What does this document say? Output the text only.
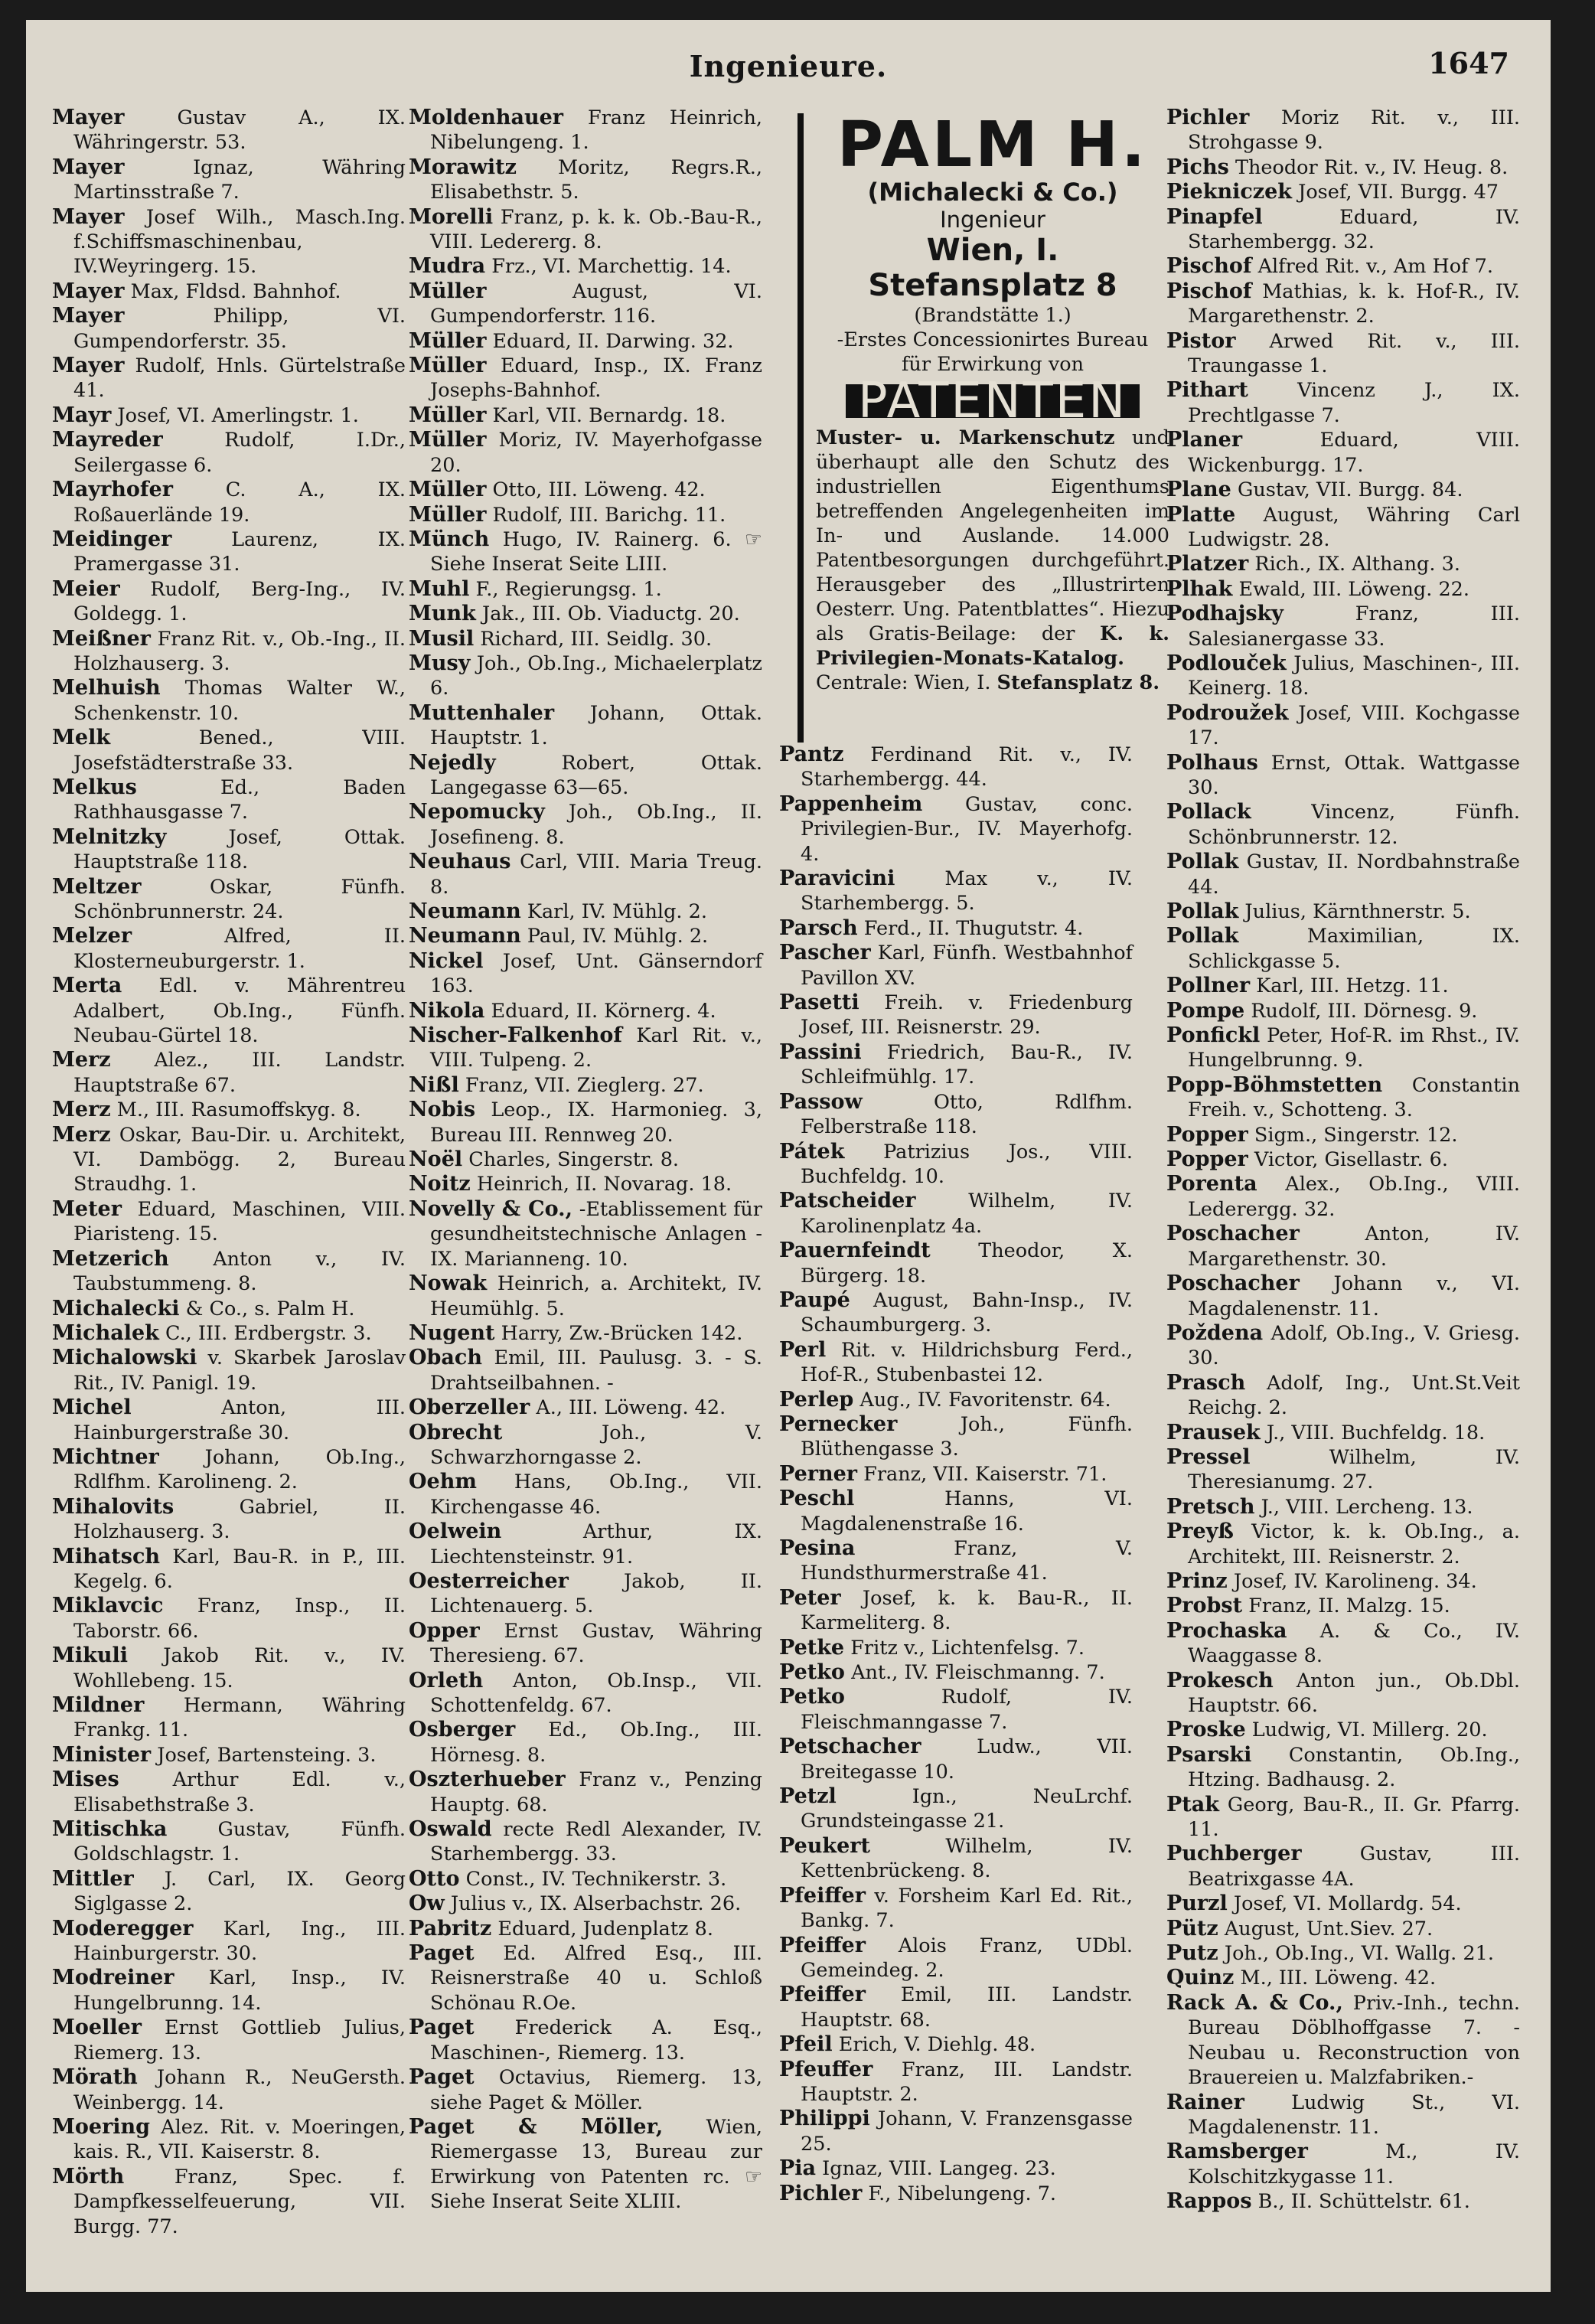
Ingenieure.	1647
Mayer	Gustav A., IX. Währingerstr. 53.
Mayer	Ignaz, Währing Martinsstraße 7.
Mayer Josef Wilh., Masch.Ing. f.Schiffsmaschinenbau, IV.Weyringerg. 15.
Mayer Max, Fldsd. Bahnhof.
Mayer	Philipp, VI. Gumpendorferstr. 35.
Mayer Rudolf, Hnls. Gürtelstraße 41.
Mayr Josef, VI. Amerlingstr. 1.
Mayreder	Rudolf, I.Dr., Seilergasse 6.
Mayrhofer	C. A., IX. Roßauerlände 19.
Meidinger	Laurenz, IX. Pramergasse 31.
Meier Rudolf, Berg-Ing., IV. Goldegg. 1.
Meißner Franz Rit. v., Ob.-Ing., II. Holzhauserg. 3.
Melhuish Thomas Walter W., Schenkenstr. 10.
Melk	Bened., VIII. Josefstädterstraße 33.
Melkus	Ed., Baden Rathhausgasse 7.
Melnitzky	Josef, Ottak. Hauptstraße 118.
Meltzer	Oskar, Fünfh. Schönbrunnerstr. 24.
Melzer	Alfred, II. Klosterneuburgerstr. 1.
Merta Edl. v. Mährentreu Adalbert, Ob.Ing., Fünfh. Neubau-Gürtel 18.
Merz Alez., III. Landstr. Hauptstraße 67.
Merz M., III. Rasumoffskyg. 8.
Merz Oskar, Bau-Dir. u. Architekt, VI. Dambögg. 2, Bureau Straudhg. 1.
Meter Eduard, Maschinen, VIII. Piaristeng. 15.
Metzerich Anton v., IV. Taubstummeng. 8.
Michalecki & Co., s. Palm H.
Michalek C., III. Erdbergstr. 3.
Michalowski v. Skarbek Jaroslav Rit., IV. Panigl. 19.
Michel	Anton, III. Hainburgerstraße 30.
Michtner Johann, Ob.Ing., Rdlfhm. Karolineng. 2.
Mihalovits	Gabriel, II. Holzhauserg. 3.
Mihatsch Karl, Bau-R. in P., III. Kegelg. 6.
Miklavcic Franz, Insp., II. Taborstr. 66.
Mikuli Jakob Rit. v., IV. Wohllebeng. 15.
Mildner Hermann, Währing Frankg. 11.
Minister Josef, Bartensteing. 3.
Mises	Arthur Edl. v., Elisabethstraße 3.
Mitischka	Gustav, Fünfh. Goldschlagstr. 1.
Mittler J. Carl, IX. Georg Siglgasse 2.
Moderegger Karl, Ing., III. Hainburgerstr. 30.
Modreiner Karl, Insp., IV. Hungelbrunng. 14.
Moeller Ernst Gottlieb Julius, Riemerg. 13.
Mörath Johann R., NeuGersth. Weinbergg. 14.
Moering Alez. Rit. v. Moeringen, kais. R., VII. Kaiserstr. 8.
Mörth	Franz, Spec. f. Dampfkesselfeuerung, VII. Burgg. 77.
Moldenhauer Franz Heinrich, Nibelungeng. 1.
Morawitz Moritz, Regrs.R., Elisabethstr. 5.
Morelli Franz, p. k. k. Ob.-Bau-R., VIII. Ledererg. 8.
Mudra Frz., VI. Marchettig. 14.
Müller	August, VI. Gumpendorferstr. 116.
Müller Eduard, II. Darwing. 32.
Müller Eduard, Insp., IX. Franz Josephs-Bahnhof.
Müller Karl, VII. Bernardg. 18.
Müller Moriz, IV. Mayerhofgasse 20.
Müller Otto, III. Löweng. 42.
Müller Rudolf, III. Barichg. 11.
Münch Hugo, IV. Rainerg. 6. ☞ Siehe Inserat Seite LIII.
Muhl F., Regierungsg. 1.
Munk Jak., III. Ob. Viaductg. 20.
Musil Richard, III. Seidlg. 30.
Musy Joh., Ob.Ing., Michaelerplatz 6.
Muttenhaler Johann, Ottak. Hauptstr. 1.
Nejedly	Robert, Ottak. Langegasse 63—65.
Nepomucky Joh., Ob.Ing., II. Josefineng. 8.
Neuhaus Carl, VIII. Maria Treug. 8.
Neumann Karl, IV. Mühlg. 2.
Neumann Paul, IV. Mühlg. 2.
Nickel Josef, Unt. Gänserndorf 163.
Nikola Eduard, II. Körnerg. 4.
Nischer-Falkenhof Karl Rit. v., VIII. Tulpeng. 2.
Nißl Franz, VII. Zieglerg. 27.
Nobis Leop., IX. Harmonieg. 3, Bureau III. Rennweg 20.
Noël Charles, Singerstr. 8.
Noitz Heinrich, II. Novarag. 18.
Novelly & Co., -Etablissement für gesundheitstechnische Anlagen - IX. Marianneng. 10.
Nowak Heinrich, a. Architekt, IV. Heumühlg. 5.
Nugent Harry, Zw.-Brücken 142.
Obach Emil, III. Paulusg. 3. - S. Drahtseilbahnen. -
Oberzeller A., III. Löweng. 42.
Obrecht	Joh., V. Schwarzhorngasse 2.
Oehm Hans, Ob.Ing., VII. Kirchengasse 46.
Oelwein	Arthur, IX. Liechtensteinstr. 91.
Oesterreicher	Jakob, II. Lichtenauerg. 5.
Opper Ernst Gustav, Währing Theresieng. 67.
Orleth Anton, Ob.Insp., VII. Schottenfeldg. 67.
Osberger Ed., Ob.Ing., III. Hörnesg. 8.
Oszterhueber Franz v., Penzing Hauptg. 68.
Oswald recte Redl Alexander, IV. Starhembergg. 33.
Otto Const., IV. Technikerstr. 3.
Ow Julius v., IX. Alserbachstr. 26.
Pabritz Eduard, Judenplatz 8.
Paget Ed. Alfred Esq., III. Reisnerstraße 40 u. Schloß Schönau R.Oe.
Paget Frederick A. Esq., Maschinen-, Riemerg. 13.
Paget Octavius, Riemerg. 13, siehe Paget & Möller.
Paget & Möller, Wien, Riemergasse 13, Bureau zur Erwirkung von Patenten rc. ☞ Siehe Inserat Seite XLIII.
PALM H.
(Michalecki & Co.)
Ingenieur
Wien, I. Stefansplatz 8
(Brandstätte 1.)
-Erstes Concessionirtes Bureau
für Erwirkung von
PATENTEN
Muster- u. Markenschutz und überhaupt alle den Schutz des industriellen Eigenthums betreffenden Angelegenheiten im In- und Auslande. 14.000 Patentbesorgungen durchgeführt. Herausgeber des „Illustrirten Oesterr. Ung. Patentblattes“. Hiezu als Gratis-Beilage: der K. k. Privilegien-Monats-Katalog. Centrale: Wien, I. Stefansplatz 8.
Pantz Ferdinand Rit. v., IV. Starhembergg. 44.
Pappenheim Gustav, conc. Privilegien-Bur., IV. Mayerhofg. 4.
Paravicini	Max v., IV. Starhembergg. 5.
Parsch Ferd., II. Thugutstr. 4.
Pascher Karl, Fünfh. Westbahnhof Pavillon XV.
Pasetti Freih. v. Friedenburg Josef, III. Reisnerstr. 29.
Passini Friedrich, Bau-R., IV. Schleifmühlg. 17.
Passow	Otto, Rdlfhm. Felberstraße 118.
Pátek Patrizius Jos., VIII. Buchfeldg. 10.
Patscheider	Wilhelm, IV. Karolinenplatz 4a.
Pauernfeindt Theodor, X. Bürgerg. 18.
Paupé August, Bahn-Insp., IV. Schaumburgerg. 3.
Perl Rit. v. Hildrichsburg Ferd., Hof-R., Stubenbastei 12.
Perlep Aug., IV. Favoritenstr. 64.
Pernecker	Joh., Fünfh. Blüthengasse 3.
Perner Franz, VII. Kaiserstr. 71.
Peschl	Hanns, VI. Magdalenenstraße 16.
Pesina	Franz, V. Hundsthurmerstraße 41.
Peter Josef, k. k. Bau-R., II. Karmeliterg. 8.
Petke Fritz v., Lichtenfelsg. 7.
Petko Ant., IV. Fleischmanng. 7.
Petko	Rudolf, IV. Fleischmanngasse 7.
Petschacher	Ludw., VII. Breitegasse 10.
Petzl	Ign., NeuLrchf. Grundsteingasse 21.
Peukert	Wilhelm, IV. Kettenbrückeng. 8.
Pfeiffer v. Forsheim Karl Ed. Rit., Bankg. 7.
Pfeiffer Alois Franz, UDbl. Gemeindeg. 2.
Pfeiffer Emil, III. Landstr. Hauptstr. 68.
Pfeil Erich, V. Diehlg. 48.
Pfeuffer Franz, III. Landstr. Hauptstr. 2.
Philippi Johann, V. Franzensgasse 25.
Pia Ignaz, VIII. Langeg. 23.
Pichler F., Nibelungeng. 7.
Pichler Moriz Rit. v., III. Strohgasse 9.
Pichs Theodor Rit. v., IV. Heug. 8.
Piekniczek Josef, VII. Burgg. 47
Pinapfel	Eduard, IV. Starhembergg. 32.
Pischof Alfred Rit. v., Am Hof 7.
Pischof Mathias, k. k. Hof-R., IV. Margarethenstr. 2.
Pistor Arwed Rit. v., III. Traungasse 1.
Pithart	Vincenz J., IX. Prechtlgasse 7.
Planer	Eduard, VIII. Wickenburgg. 17.
Plane Gustav, VII. Burgg. 84.
Platte August, Währing Carl Ludwigstr. 28.
Platzer Rich., IX. Althang. 3.
Plhak Ewald, III. Löweng. 22.
Podhajsky	Franz, III. Salesianergasse 33.
Podlouček Julius, Maschinen-, III. Keinerg. 18.
Podroužek Josef, VIII. Kochgasse 17.
Polhaus Ernst, Ottak. Wattgasse 30.
Pollack	Vincenz, Fünfh. Schönbrunnerstr. 12.
Pollak Gustav, II. Nordbahnstraße 44.
Pollak Julius, Kärnthnerstr. 5.
Pollak	Maximilian, IX. Schlickgasse 5.
Pollner Karl, III. Hetzg. 11.
Pompe Rudolf, III. Dörnesg. 9.
Ponfickl Peter, Hof-R. im Rhst., IV. Hungelbrunng. 9.
Popp-Böhmstetten Constantin Freih. v., Schotteng. 3.
Popper Sigm., Singerstr. 12.
Popper Victor, Gisellastr. 6.
Porenta Alex., Ob.Ing., VIII. Lederergg. 32.
Poschacher	Anton, IV. Margarethenstr. 30.
Poschacher Johann v., VI. Magdalenenstr. 11.
Poždena Adolf, Ob.Ing., V. Griesg. 30.
Prasch Adolf, Ing., Unt.St.Veit Reichg. 2.
Prausek J., VIII. Buchfeldg. 18.
Pressel	Wilhelm, IV. Theresianumg. 27.
Pretsch J., VIII. Lercheng. 13.
Preyß Victor, k. k. Ob.Ing., a. Architekt, III. Reisnerstr. 2.
Prinz Josef, IV. Karolineng. 34.
Probst Franz, II. Malzg. 15.
Prochaska A. & Co., IV. Waaggasse 8.
Prokesch Anton jun., Ob.Dbl. Hauptstr. 66.
Proske Ludwig, VI. Millerg. 20.
Psarski Constantin, Ob.Ing., Htzing. Badhausg. 2.
Ptak Georg, Bau-R., II. Gr. Pfarrg. 11.
Puchberger	Gustav, III. Beatrixgasse 4A.
Purzl Josef, VI. Mollardg. 54.
Pütz August, Unt.Siev. 27.
Putz Joh., Ob.Ing., VI. Wallg. 21.
Quinz M., III. Löweng. 42.
Rack A. & Co., Priv.-Inh., techn. Bureau Döblhoffgasse 7. -Neubau u. Reconstruction von Brauereien u. Malzfabriken.-
Rainer Ludwig St., VI. Magdalenenstr. 11.
Ramsberger	M., IV. Kolschitzkygasse 11.
Rappos B., II. Schüttelstr. 61.
